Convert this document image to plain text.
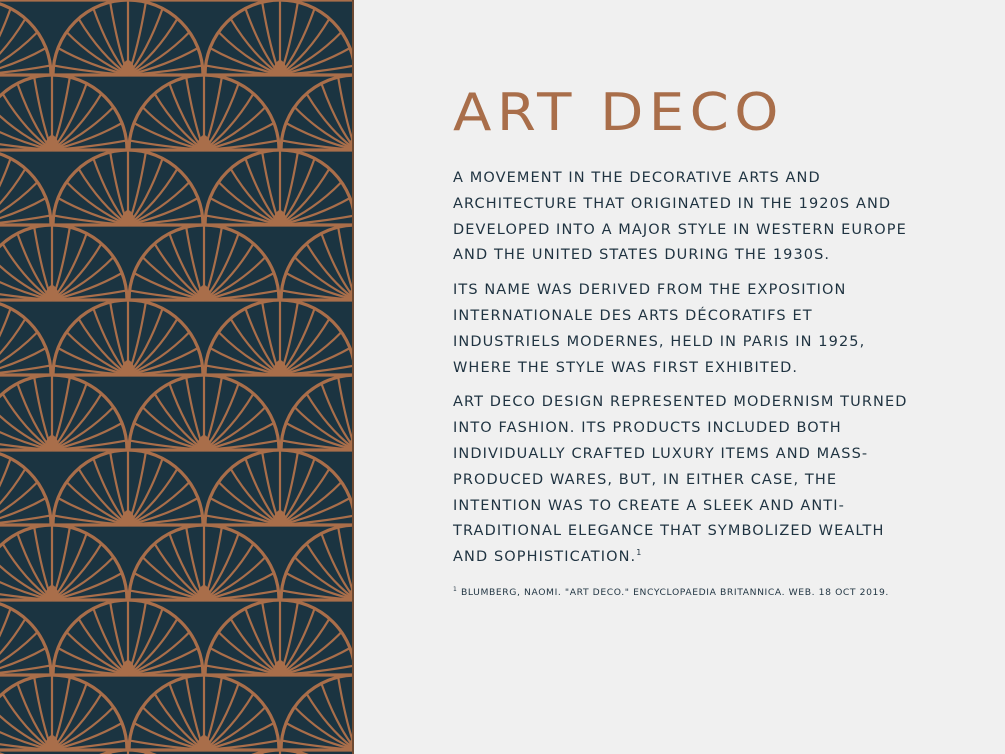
ART DECO

A MOVEMENT IN THE DECORATIVE ARTS AND ARCHITECTURE THAT ORIGINATED IN THE 1920S AND DEVELOPED INTO A MAJOR STYLE IN WESTERN EUROPE AND THE UNITED STATES DURING THE 1930S.

ITS NAME WAS DERIVED FROM THE EXPOSITION INTERNATIONALE DES ARTS DÉCORATIFS ET INDUSTRIELS MODERNES, HELD IN PARIS IN 1925, WHERE THE STYLE WAS FIRST EXHIBITED.

ART DECO DESIGN REPRESENTED MODERNISM TURNED INTO FASHION. ITS PRODUCTS INCLUDED BOTH INDIVIDUALLY CRAFTED LUXURY ITEMS AND MASS-PRODUCED WARES, BUT, IN EITHER CASE, THE INTENTION WAS TO CREATE A SLEEK AND ANTI-TRADITIONAL ELEGANCE THAT SYMBOLIZED WEALTH AND SOPHISTICATION.$^1$

$^1$ BLUMBERG, NAOMI. "ART DECO." ENCYCLOPAEDIA BRITANNICA. WEB. 18 OCT 2019.
